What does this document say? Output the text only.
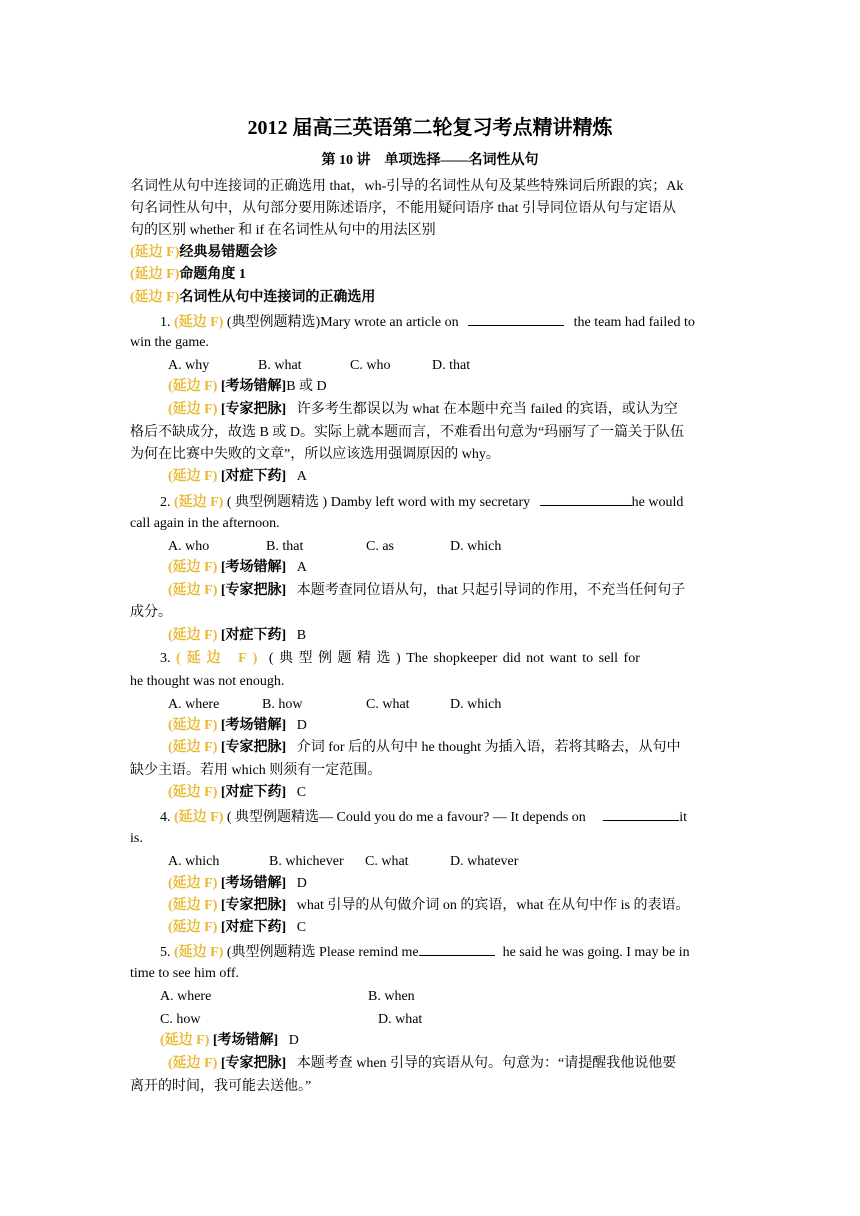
2012 届高三英语第二轮复习考点精讲精炼
第 10 讲　单项选择——名词性从句
名词性从句中连接词的正确选用 that，wh-引导的名词性从句及某些特殊词后所跟的宾；Ak
句名词性从句中，从句部分要用陈述语序，不能用疑问语序 that 引导同位语从句与定语从
句的区别 whether 和 if 在名词性从句中的用法区别
(延边 F)经典易错题会诊
(延边 F)命题角度 1
(延边 F)名词性从句中连接词的正确选用
1. (延边 F) (典型例题精选)Mary wrote an article on	the team had failed to
win the game.
A. why	B. what	C. who	D. that
(延边 F) [考场错解]B 或 D
(延边 F) [专家把脉] 许多考生都误以为 what 在本题中充当 failed 的宾语，或认为空
格后不缺成分，故选 B 或 D。实际上就本题而言，不难看出句意为“玛丽写了一篇关于队伍
为何在比赛中失败的文章”，所以应该选用强调原因的 why。
(延边 F) [对症下药] A
2. (延边 F) ( 典型例题精选 ) Damby left word with my secretary	he would
call again in the afternoon.
A. who	B. that	C. as	D. which
(延边 F) [考场错解] A
(延边 F) [专家把脉] 本题考查同位语从句，that 只起引导词的作用，不充当任何句子
成分。
(延边 F) [对症下药] B
3. (延边 F) ( 典 型 例 题 精 选 ) The shopkeeper did not want to sell for
he thought was not enough.
A. where	B. how	C. what	D. which
(延边 F) [考场错解] D
(延边 F) [专家把脉] 介词 for 后的从句中 he thought 为插入语，若将其略去，从句中
缺少主语。若用 which 则须有一定范围。
(延边 F) [对症下药] C
4. (延边 F) ( 典型例题精选— Could you do me a favour? — It depends on	it
is.
A. which	B. whichever C. what	D. whatever
(延边 F) [考场错解] D
(延边 F) [专家把脉] what 引导的从句做介词 on 的宾语，what 在从句中作 is 的表语。
(延边 F) [对症下药] C
5. (延边 F) (典型例题精选 Please remind me	he said he was going. I may be in
time to see him off.
A. where	B. when
C. how	D. what
(延边 F) [考场错解] D
(延边 F) [专家把脉] 本题考查 when 引导的宾语从句。句意为：“请提醒我他说他要
离开的时间，我可能去送他。”
